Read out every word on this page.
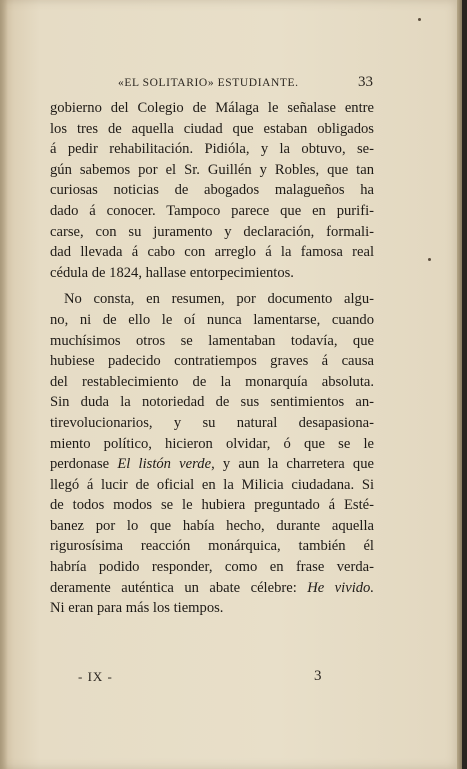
«EL SOLITARIO» ESTUDIANTE.	33
gobierno del Colegio de Málaga le señalase entre
los tres de aquella ciudad que estaban obligados
á pedir rehabilitación. Pidióla, y la obtuvo, se-
gún sabemos por el Sr. Guillén y Robles, que tan
curiosas noticias de abogados malagueños ha
dado á conocer. Tampoco parece que en purifi-
carse, con su juramento y declaración, formali-
dad llevada á cabo con arreglo á la famosa real
cédula de 1824, hallase entorpecimientos.
No consta, en resumen, por documento algu-
no, ni de ello le oí nunca lamentarse, cuando
muchísimos otros se lamentaban todavía, que
hubiese padecido contratiempos graves á causa
del restablecimiento de la monarquía absoluta.
Sin duda la notoriedad de sus sentimientos an-
tirevolucionarios, y su natural desapasiona-
miento político, hicieron olvidar, ó que se le
perdonase El listón verde, y aun la charretera que
llegó á lucir de oficial en la Milicia ciudadana. Si
de todos modos se le hubiera preguntado á Esté-
banez por lo que había hecho, durante aquella
rigurosísima reacción monárquica, también él
habría podido responder, como en frase verda-
deramente auténtica un abate célebre: He vivido.
Ni eran para más los tiempos.
- IX -	3
